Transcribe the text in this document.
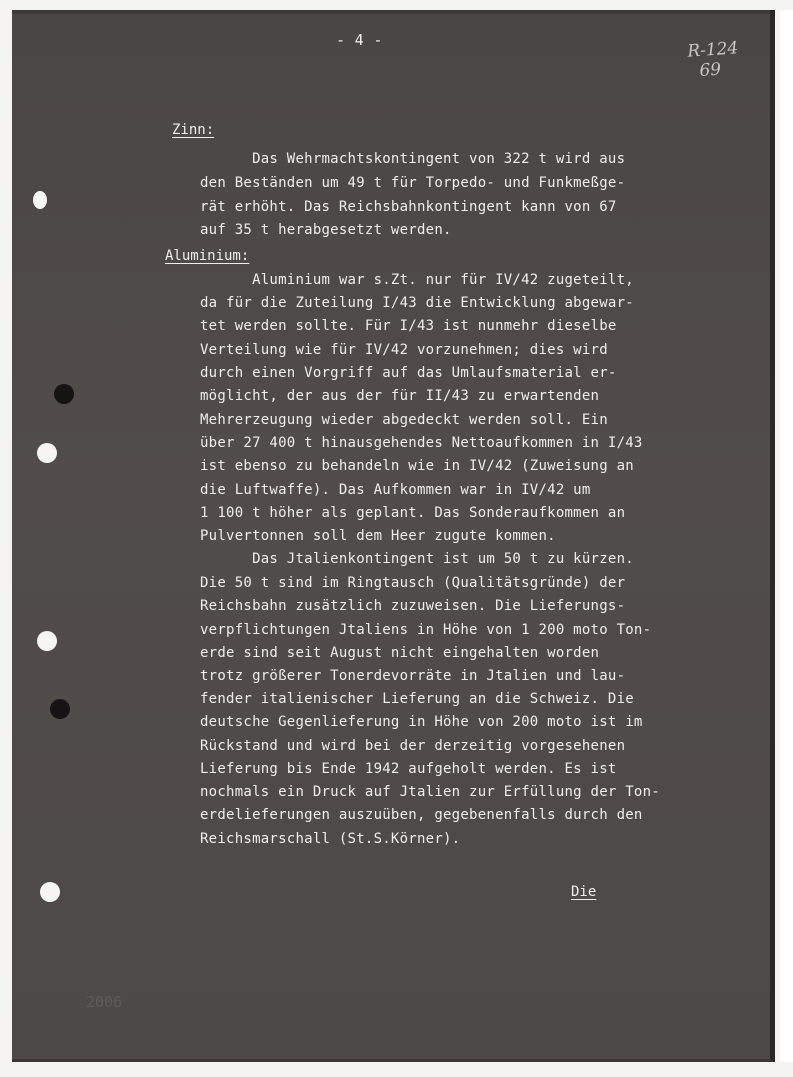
- 4 -	R-124
69
Zinn:
Das Wehrmachtskontingent von 322 t wird aus
den Beständen um 49 t für Torpedo- und Funkmeßge-
rät erhöht. Das Reichsbahnkontingent kann von 67
auf 35 t herabgesetzt werden.
Aluminium:
Aluminium war s.Zt. nur für IV/42 zugeteilt,
da für die Zuteilung I/43 die Entwicklung abgewar-
tet werden sollte. Für I/43 ist nunmehr dieselbe
Verteilung wie für IV/42 vorzunehmen; dies wird
durch einen Vorgriff auf das Umlaufsmaterial er-
möglicht, der aus der für II/43 zu erwartenden
Mehrerzeugung wieder abgedeckt werden soll. Ein
über 27 400 t hinausgehendes Nettoaufkommen in I/43
ist ebenso zu behandeln wie in IV/42 (Zuweisung an
die Luftwaffe). Das Aufkommen war in IV/42 um
1 100 t höher als geplant. Das Sonderaufkommen an
Pulvertonnen soll dem Heer zugute kommen.
Das Jtalienkontingent ist um 50 t zu kürzen.
Die 50 t sind im Ringtausch (Qualitätsgründe) der
Reichsbahn zusätzlich zuzuweisen. Die Lieferungs-
verpflichtungen Jtaliens in Höhe von 1 200 moto Ton-
erde sind seit August nicht eingehalten worden
trotz größerer Tonerdevorräte in Jtalien und lau-
fender italienischer Lieferung an die Schweiz. Die
deutsche Gegenlieferung in Höhe von 200 moto ist im
Rückstand und wird bei der derzeitig vorgesehenen
Lieferung bis Ende 1942 aufgeholt werden. Es ist
nochmals ein Druck auf Jtalien zur Erfüllung der Ton-
erdelieferungen auszuüben, gegebenenfalls durch den
Reichsmarschall (St.S.Körner).
Die
2006
